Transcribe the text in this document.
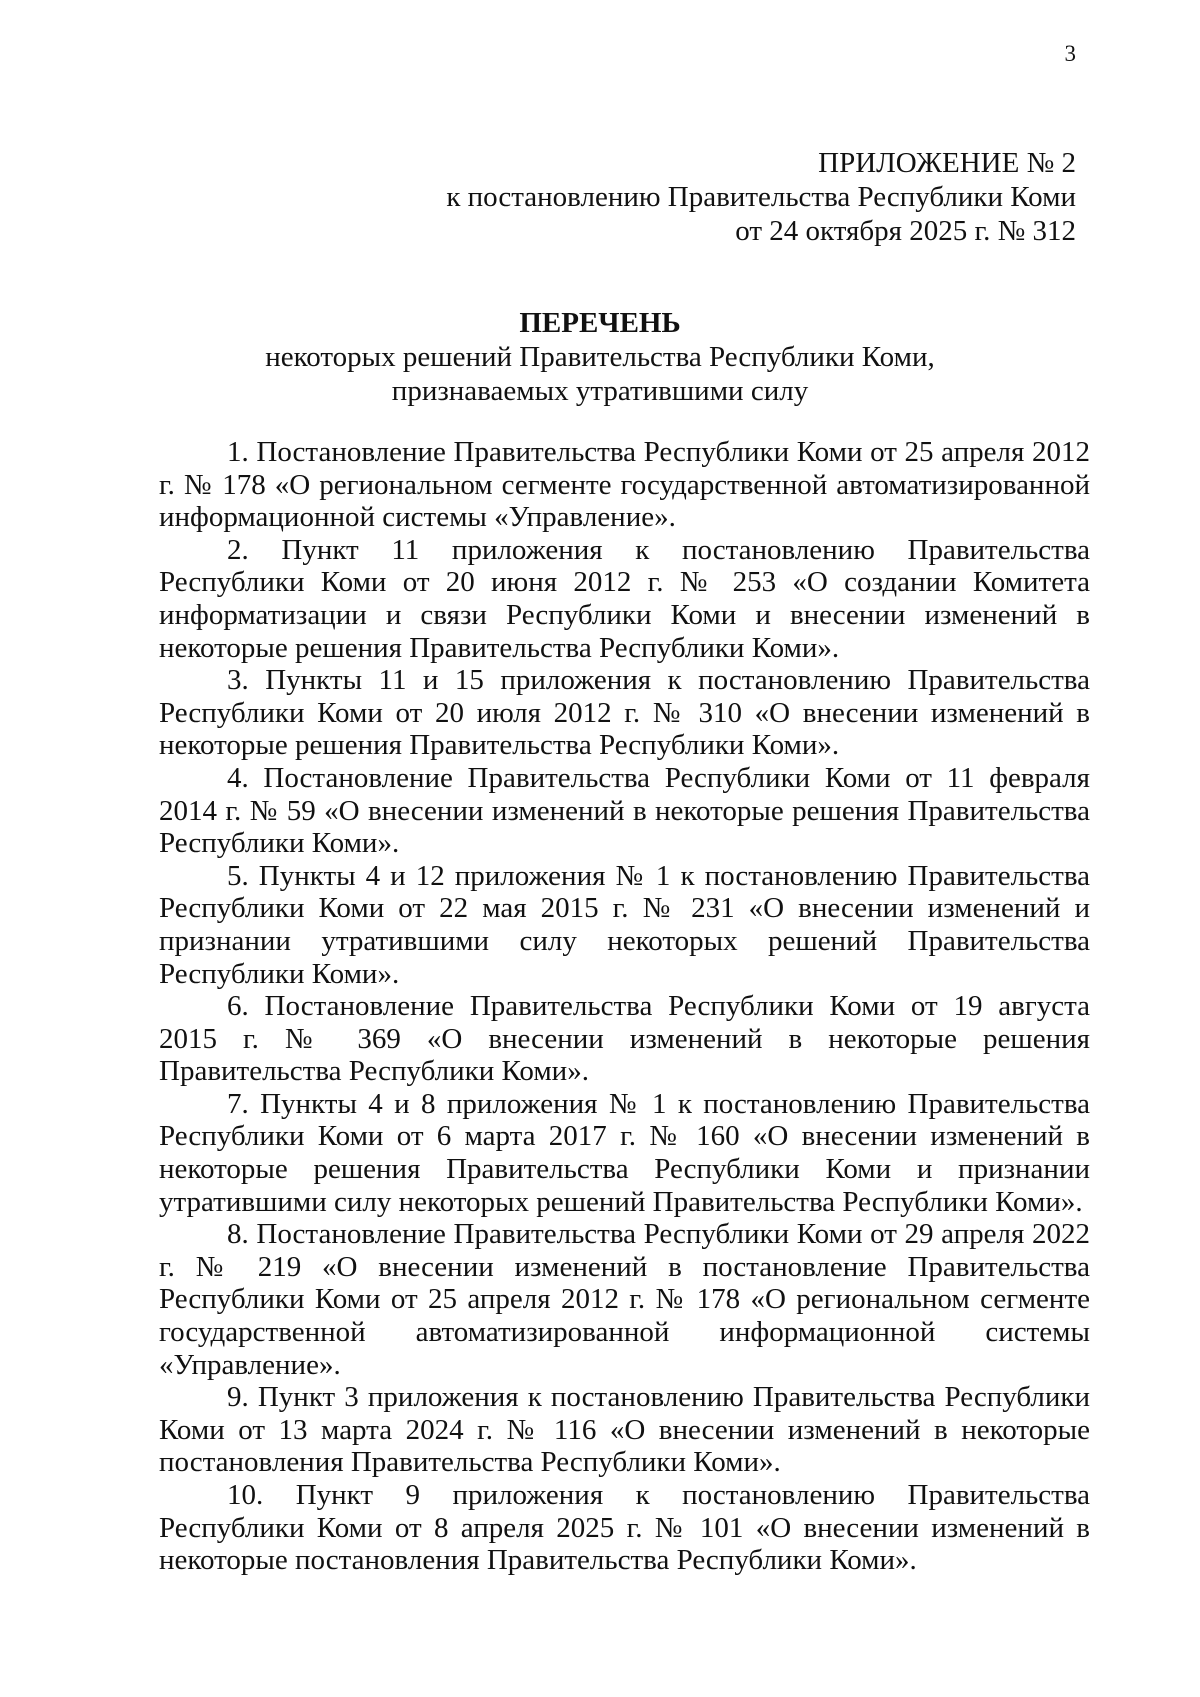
3
ПРИЛОЖЕНИЕ № 2
к постановлению Правительства Республики Коми
от 24 октября 2025 г. № 312
ПЕРЕЧЕНЬ
некоторых решений Правительства Республики Коми,
признаваемых утратившими силу

1. Постановление Правительства Республики Коми от 25 апреля 2012 г. № 178 «О региональном сегменте государственной автоматизированной информационной системы «Управление».

2. Пункт 11 приложения к постановлению Правительства Республики Коми от 20 июня 2012 г. № 253 «О создании Комитета информатизации и связи Республики Коми и внесении изменений в некоторые решения Правительства Республики Коми».

3. Пункты 11 и 15 приложения к постановлению Правительства Республики Коми от 20 июля 2012 г. № 310 «О внесении изменений в некоторые решения Правительства Республики Коми».

4. Постановление Правительства Республики Коми от 11 февраля 2014 г. № 59 «О внесении изменений в некоторые решения Правительства Республики Коми».

5. Пункты 4 и 12 приложения № 1 к постановлению Правительства Республики Коми от 22 мая 2015 г. № 231 «О внесении изменений и признании утратившими силу некоторых решений Правительства Республики Коми».

6. Постановление Правительства Республики Коми от 19 августа 2015 г. № 369 «О внесении изменений в некоторые решения Правительства Республики Коми».

7. Пункты 4 и 8 приложения № 1 к постановлению Правительства Республики Коми от 6 марта 2017 г. № 160 «О внесении изменений в некоторые решения Правительства Республики Коми и признании утратившими силу некоторых решений Правительства Республики Коми».

8. Постановление Правительства Республики Коми от 29 апреля 2022 г. № 219 «О внесении изменений в постановление Правительства Республики Коми от 25 апреля 2012 г. № 178 «О региональном сегменте государственной автоматизированной информационной системы «Управление».

9. Пункт 3 приложения к постановлению Правительства Республики Коми от 13 марта 2024 г. № 116 «О внесении изменений в некоторые постановления Правительства Республики Коми».

10. Пункт 9 приложения к постановлению Правительства Республики Коми от 8 апреля 2025 г. № 101 «О внесении изменений в некоторые постановления Правительства Республики Коми».
